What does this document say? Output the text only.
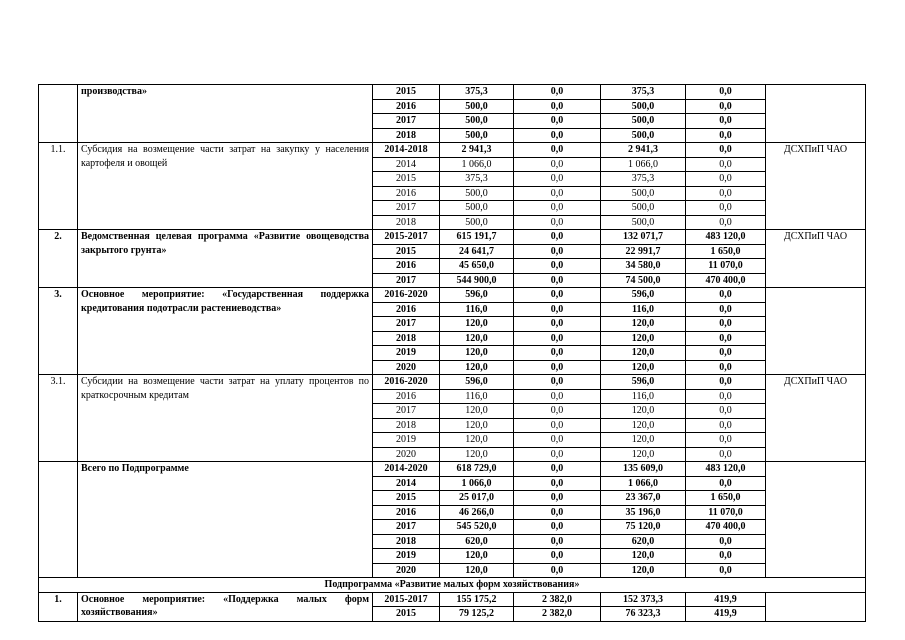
	производства»	2015	375,3	0,0	375,3	0,0	
		2016	500,0	0,0	500,0	0,0	
		2017	500,0	0,0	500,0	0,0	
		2018	500,0	0,0	500,0	0,0	
1.1.	Субсидия на возмещение части затрат на закупку у населения картофеля и овощей	2014-2018	2 941,3	0,0	2 941,3	0,0	ДСХПиП ЧАО
		2014	1 066,0	0,0	1 066,0	0,0	
		2015	375,3	0,0	375,3	0,0	
		2016	500,0	0,0	500,0	0,0	
		2017	500,0	0,0	500,0	0,0	
		2018	500,0	0,0	500,0	0,0	
2.	Ведомственная целевая программа «Развитие овощеводства закрытого грунта»	2015-2017	615 191,7	0,0	132 071,7	483 120,0	ДСХПиП ЧАО
		2015	24 641,7	0,0	22 991,7	1 650,0	
		2016	45 650,0	0,0	34 580,0	11 070,0	
		2017	544 900,0	0,0	74 500,0	470 400,0	
3.	Основное мероприятие: «Государственная поддержка кредитования подотрасли растениеводства»	2016-2020	596,0	0,0	596,0	0,0	
		2016	116,0	0,0	116,0	0,0	
		2017	120,0	0,0	120,0	0,0	
		2018	120,0	0,0	120,0	0,0	
		2019	120,0	0,0	120,0	0,0	
		2020	120,0	0,0	120,0	0,0	
3.1.	Субсидии на возмещение части затрат на уплату процентов по краткосрочным кредитам	2016-2020	596,0	0,0	596,0	0,0	ДСХПиП ЧАО
		2016	116,0	0,0	116,0	0,0	
		2017	120,0	0,0	120,0	0,0	
		2018	120,0	0,0	120,0	0,0	
		2019	120,0	0,0	120,0	0,0	
		2020	120,0	0,0	120,0	0,0	
	Всего по Подпрограмме	2014-2020	618 729,0	0,0	135 609,0	483 120,0	
		2014	1 066,0	0,0	1 066,0	0,0	
		2015	25 017,0	0,0	23 367,0	1 650,0	
		2016	46 266,0	0,0	35 196,0	11 070,0	
		2017	545 520,0	0,0	75 120,0	470 400,0	
		2018	620,0	0,0	620,0	0,0	
		2019	120,0	0,0	120,0	0,0	
		2020	120,0	0,0	120,0	0,0	
Подпрограмма «Развитие малых форм хозяйствования»							
1.	Основное мероприятие: «Поддержка малых форм хозяйствования»	2015-2017	155 175,2	2 382,0	152 373,3	419,9	
		2015	79 125,2	2 382,0	76 323,3	419,9	
